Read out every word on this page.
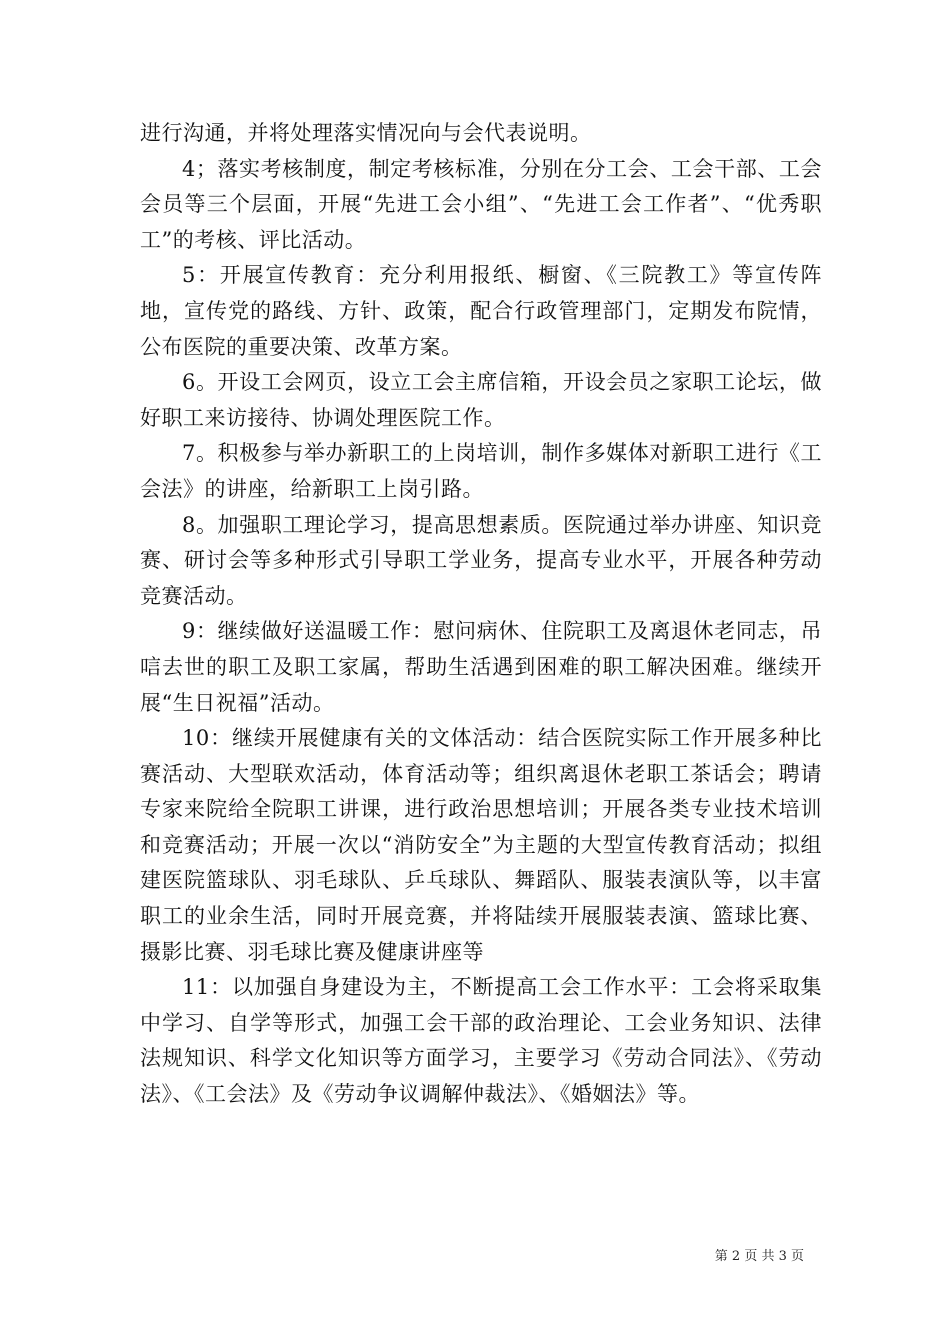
进行沟通，并将处理落实情况向与会代表说明。

4；落实考核制度，制定考核标准，分别在分工会、工会干部、工会会员等三个层面，开展“先进工会小组”、“先进工会工作者”、“优秀职工”的考核、评比活动。

5：开展宣传教育：充分利用报纸、橱窗、《三院教工》等宣传阵地，宣传党的路线、方针、政策，配合行政管理部门，定期发布院情，公布医院的重要决策、改革方案。

6。开设工会网页，设立工会主席信箱，开设会员之家职工论坛，做好职工来访接待、协调处理医院工作。

7。积极参与举办新职工的上岗培训，制作多媒体对新职工进行《工会法》的讲座，给新职工上岗引路。

8。加强职工理论学习，提高思想素质。医院通过举办讲座、知识竞赛、研讨会等多种形式引导职工学业务，提高专业水平，开展各种劳动竞赛活动。

9：继续做好送温暖工作：慰问病休、住院职工及离退休老同志，吊唁去世的职工及职工家属，帮助生活遇到困难的职工解决困难。继续开展“生日祝福”活动。

10：继续开展健康有关的文体活动：结合医院实际工作开展多种比赛活动、大型联欢活动，体育活动等；组织离退休老职工茶话会；聘请专家来院给全院职工讲课，进行政治思想培训；开展各类专业技术培训和竞赛活动；开展一次以“消防安全”为主题的大型宣传教育活动；拟组建医院篮球队、羽毛球队、乒乓球队、舞蹈队、服装表演队等，以丰富职工的业余生活，同时开展竞赛，并将陆续开展服装表演、篮球比赛、摄影比赛、羽毛球比赛及健康讲座等

11：以加强自身建设为主，不断提高工会工作水平：工会将采取集中学习、自学等形式，加强工会干部的政治理论、工会业务知识、法律法规知识、科学文化知识等方面学习，主要学习《劳动合同法》、《劳动法》、《工会法》及《劳动争议调解仲裁法》、《婚姻法》等。

第 2 页 共 3 页
